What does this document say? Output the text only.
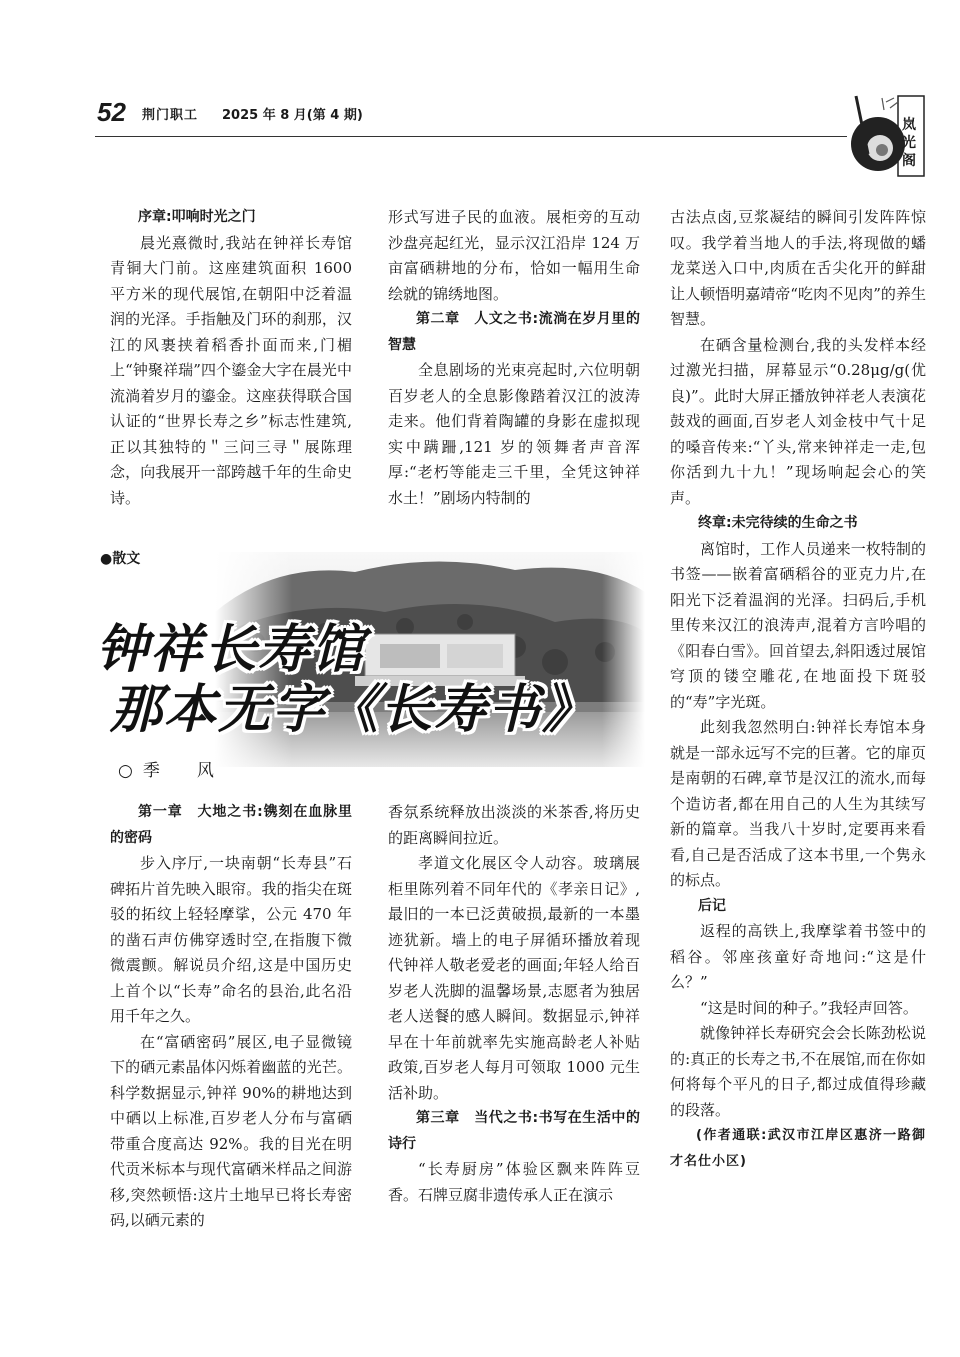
52 荆门职工 2025 年 8 月(第 4 期)
岚光阁
序章:叩响时光之门

晨光熹微时,我站在钟祥长寿馆青铜大门前。这座建筑面积 1600 平方米的现代展馆,在朝阳中泛着温润的光泽。手指触及门环的刹那，汉江的风裹挟着稻香扑面而来,门楣上“钟聚祥瑞”四个鎏金大字在晨光中流淌着岁月的鎏金。这座获得联合国认证的“世界长寿之乡”标志性建筑,正以其独特的＂三问三寻＂展陈理念，向我展开一部跨越千年的生命史诗。

形式写进子民的血液。展柜旁的互动沙盘亮起红光，显示汉江沿岸 124 万亩富硒耕地的分布，恰如一幅用生命绘就的锦绣地图。

第二章　人文之书:流淌在岁月里的智慧

全息剧场的光束亮起时,六位明朝百岁老人的全息影像踏着汉江的波涛走来。他们背着陶罐的身影在虚拟现实中蹒跚,121 岁的领舞者声音浑厚:“老朽等能走三千里，全凭这钟祥水土！”剧场内特制的

古法点卤,豆浆凝结的瞬间引发阵阵惊叹。我学着当地人的手法,将现做的蟠龙菜送入口中,肉质在舌尖化开的鲜甜让人顿悟明嘉靖帝“吃肉不见肉”的养生智慧。

在硒含量检测台,我的头发样本经过激光扫描，屏幕显示“0.28μg/g(优良)”。此时大屏正播放钟祥老人表演花鼓戏的画面,百岁老人刘金枝中气十足的嗓音传来:“丫头,常来钟祥走一走,包你活到九十九！”现场响起会心的笑声。

终章:未完待续的生命之书

离馆时，工作人员递来一枚特制的书签——嵌着富硒稻谷的亚克力片,在阳光下泛着温润的光泽。扫码后,手机里传来汉江的浪涛声,混着方言吟唱的《阳春白雪》。回首望去,斜阳透过展馆穹顶的镂空雕花,在地面投下斑驳的“寿”字光斑。

此刻我忽然明白:钟祥长寿馆本身就是一部永远写不完的巨著。它的扉页是南朝的石碑,章节是汉江的流水,而每个造访者,都在用自己的人生为其续写新的篇章。当我八十岁时,定要再来看看,自己是否活成了这本书里,一个隽永的标点。

后记

返程的高铁上,我摩挲着书签中的稻谷。邻座孩童好奇地问:“这是什么？”

“这是时间的种子。”我轻声回答。

就像钟祥长寿研究会会长陈劲松说的:真正的长寿之书,不在展馆,而在你如何将每个平凡的日子,都过成值得珍藏的段落。

(作者通联:武汉市江岸区惠济一路御才名仕小区)

●散文
钟祥长寿馆
那本无字《长寿书》
○季　风
第一章　大地之书:镌刻在血脉里的密码

步入序厅,一块南朝“长寿县”石碑拓片首先映入眼帘。我的指尖在斑驳的拓纹上轻轻摩挲，公元 470 年的凿石声仿佛穿透时空,在指腹下微微震颤。解说员介绍,这是中国历史上首个以“长寿”命名的县治,此名沿用千年之久。

在“富硒密码”展区,电子显微镜下的硒元素晶体闪烁着幽蓝的光芒。科学数据显示,钟祥 90%的耕地达到中硒以上标准,百岁老人分布与富硒带重合度高达 92%。我的目光在明代贡米标本与现代富硒米样品之间游移,突然顿悟:这片土地早已将长寿密码,以硒元素的

香氛系统释放出淡淡的米茶香,将历史的距离瞬间拉近。

孝道文化展区令人动容。玻璃展柜里陈列着不同年代的《孝亲日记》,最旧的一本已泛黄破损,最新的一本墨迹犹新。墙上的电子屏循环播放着现代钟祥人敬老爱老的画面;年轻人给百岁老人洗脚的温馨场景,志愿者为独居老人送餐的感人瞬间。数据显示,钟祥早在十年前就率先实施高龄老人补贴政策,百岁老人每月可领取 1000 元生活补助。

第三章　当代之书:书写在生活中的诗行

“长寿厨房”体验区飘来阵阵豆香。石牌豆腐非遗传承人正在演示
